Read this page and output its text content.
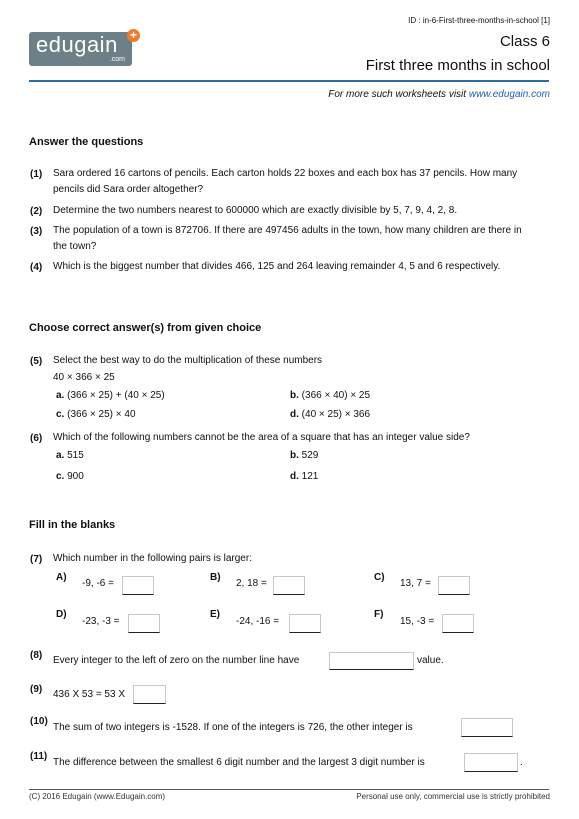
ID : in-6-First-three-months-in-school [1]
edugain
.com
+	Class 6
First three months in school
For more such worksheets visit www.edugain.com
Answer the questions
(1) Sara ordered 16 cartons of pencils. Each carton holds 22 boxes and each box has 37 pencils. How many pencils did Sara order altogether?
(2) Determine the two numbers nearest to 600000 which are exactly divisible by 5, 7, 9, 4, 2, 8.
(3) The population of a town is 872706. If there are 497456 adults in the town, how many children are there in the town?
(4) Which is the biggest number that divides 466, 125 and 264 leaving remainder 4, 5 and 6 respectively.
Choose correct answer(s) from given choice
(5) Select the best way to do the multiplication of these numbers
40 × 366 × 25
a. (366 × 25) + (40 × 25)	b. (366 × 40) × 25
c. (366 × 25) × 40	d. (40 × 25) × 366
(6) Which of the following numbers cannot be the area of a square that has an integer value side?
a. 515	b. 529
c. 900	d. 121
Fill in the blanks
(7) Which number in the following pairs is larger:
A)
-9, -6 =
B)
2, 18 =
C)
13, 7 =
D)
-23, -3 =
E)
-24, -16 =
F)
15, -3 =
(8) Every integer to the left of zero on the number line have	value.
(9) 436 X 53 = 53 X
(10)
The sum of two integers is -1528. If one of the integers is 726, the other integer is
(11)
The difference between the smallest 6 digit number and the largest 3 digit number is	.
(C) 2016 Edugain (www.Edugain.com)	Personal use only, commercial use is strictly prohibited
